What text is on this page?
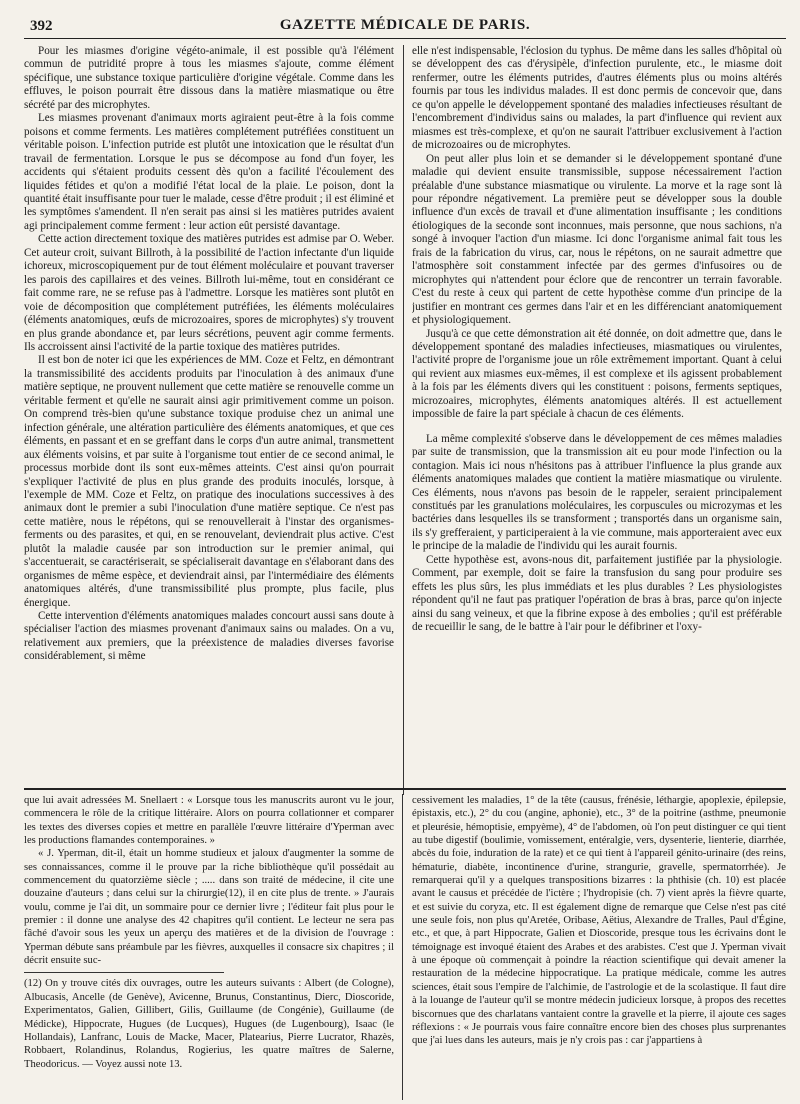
392	GAZETTE MÉDICALE DE PARIS.

Pour les miasmes d'origine végéto-animale, il est possible qu'à l'élément commun de putridité propre à tous les miasmes s'ajoute, comme élément spécifique, une substance toxique particulière d'origine végétale. Comme dans les effluves, le poison pourrait être dissous dans la matière miasmatique ou être sécrété par des microphytes.

Les miasmes provenant d'animaux morts agiraient peut-être à la fois comme poisons et comme ferments. Les matières complétement putréfiées constituent un véritable poison. L'infection putride est plutôt une intoxication que le résultat d'un travail de fermentation. Lorsque le pus se décompose au fond d'un foyer, les accidents qui s'étaient produits cessent dès qu'on a facilité l'écoulement des liquides fétides et qu'on a modifié l'état local de la plaie. Le poison, dont la quantité était insuffisante pour tuer le malade, cesse d'être produit ; il est éliminé et les symptômes s'amendent. Il n'en serait pas ainsi si les matières putrides avaient agi principalement comme ferment : leur action eût persisté davantage.

Cette action directement toxique des matières putrides est admise par O. Weber. Cet auteur croit, suivant Billroth, à la possibilité de l'action infectante d'un liquide ichoreux, microscopiquement pur de tout élément moléculaire et pouvant traverser les parois des capillaires et des veines. Billroth lui-même, tout en considérant ce fait comme rare, ne se refuse pas à l'admettre. Lorsque les matières sont plutôt en voie de décomposition que complétement putréfiées, les éléments moléculaires (éléments anatomiques, œufs de microzoaires, spores de microphytes) s'y trouvent en plus grande abondance et, par leurs sécrétions, peuvent agir comme ferments. Ils accroissent ainsi l'activité de la partie toxique des matières putrides.

Il est bon de noter ici que les expériences de MM. Coze et Feltz, en démontrant la transmissibilité des accidents produits par l'inoculation à des animaux d'une matière septique, ne prouvent nullement que cette matière se renouvelle comme un véritable ferment et qu'elle ne saurait ainsi agir primitivement comme un poison. On comprend très-bien qu'une substance toxique produise chez un animal une infection générale, une altération particulière des éléments anatomiques, et que ces éléments, en passant et en se greffant dans le corps d'un autre animal, transmettent aux éléments voisins, et par suite à l'organisme tout entier de ce second animal, le processus morbide dont ils sont eux-mêmes atteints. C'est ainsi qu'on pourrait s'expliquer l'activité de plus en plus grande des produits inoculés, lorsque, à l'exemple de MM. Coze et Feltz, on pratique des inoculations successives à des animaux dont le premier a subi l'inoculation d'une matière septique. Ce n'est pas cette matière, nous le répétons, qui se renouvellerait à l'instar des organismes-ferments ou des parasites, et qui, en se renouvelant, deviendrait plus active. C'est plutôt la maladie causée par son introduction sur le premier animal, qui s'accentuerait, se caractériserait, se spécialiserait davantage en s'élaborant dans des organismes de même espèce, et deviendrait ainsi, par l'intermédiaire des éléments anatomiques altérés, d'une transmissibilité plus prompte, plus facile, plus énergique.

Cette intervention d'éléments anatomiques malades concourt aussi sans doute à spécialiser l'action des miasmes provenant d'animaux sains ou malades. On a vu, relativement aux premiers, que la préexistence de maladies diverses favorise considérablement, si même

elle n'est indispensable, l'éclosion du typhus. De même dans les salles d'hôpital où se développent des cas d'érysipèle, d'infection purulente, etc., le miasme doit renfermer, outre les éléments putrides, d'autres éléments plus ou moins altérés fournis par tous les individus malades. Il est donc permis de concevoir que, dans ce qu'on appelle le développement spontané des maladies infectieuses résultant de l'encombrement d'individus sains ou malades, la part d'influence qui revient aux miasmes est très-complexe, et qu'on ne saurait l'attribuer exclusivement à l'action de microzoaires ou de microphytes.

On peut aller plus loin et se demander si le développement spontané d'une maladie qui devient ensuite transmissible, suppose nécessairement l'action préalable d'une substance miasmatique ou virulente. La morve et la rage sont là pour répondre négativement. La première peut se développer sous la double influence d'un excès de travail et d'une alimentation insuffisante ; les conditions étiologiques de la seconde sont inconnues, mais personne, que nous sachions, n'a songé à invoquer l'action d'un miasme. Ici donc l'organisme animal fait tous les frais de la fabrication du virus, car, nous le répétons, on ne saurait admettre que l'atmosphère soit constamment infectée par des germes d'infusoires ou de microphytes qui n'attendent pour éclore que de rencontrer un terrain favorable. C'est du reste à ceux qui partent de cette hypothèse comme d'un principe de la justifier en montrant ces germes dans l'air et en les différenciant anatomiquement et physiologiquement.

Jusqu'à ce que cette démonstration ait été donnée, on doit admettre que, dans le développement spontané des maladies infectieuses, miasmatiques ou virulentes, l'activité propre de l'organisme joue un rôle extrêmement important. Quant à celui qui revient aux miasmes eux-mêmes, il est complexe et ils agissent probablement à la fois par les éléments divers qui les constituent : poisons, ferments septiques, microzoaires, microphytes, éléments anatomiques altérés. Il est actuellement impossible de faire la part spéciale à chacun de ces éléments.

La même complexité s'observe dans le développement de ces mêmes maladies par suite de transmission, que la transmission ait eu pour mode l'infection ou la contagion. Mais ici nous n'hésitons pas à attribuer l'influence la plus grande aux éléments anatomiques malades que contient la matière miasmatique ou virulente. Ces éléments, nous n'avons pas besoin de le rappeler, seraient principalement constitués par les granulations moléculaires, les corpuscules ou microzymas et les bactéries dans lesquelles ils se transforment ; transportés dans un organisme sain, ils s'y grefferaient, y participeraient à la vie commune, mais apporteraient avec eux le principe de la maladie de l'individu qui les aurait fournis.

Cette hypothèse est, avons-nous dit, parfaitement justifiée par la physiologie. Comment, par exemple, doit se faire la transfusion du sang pour produire ses effets les plus sûrs, les plus immédiats et les plus durables ? Les physiologistes répondent qu'il ne faut pas pratiquer l'opération de bras à bras, parce qu'on injecte ainsi du sang veineux, et que la fibrine expose à des embolies ; qu'il est préférable de recueillir le sang, de le battre à l'air pour le défibriner et l'oxy-

que lui avait adressées M. Snellaert : « Lorsque tous les manuscrits auront vu le jour, commencera le rôle de la critique littéraire. Alors on pourra collationner et comparer les textes des diverses copies et mettre en parallèle l'œuvre littéraire d'Yperman avec les productions flamandes contemporaines. »

« J. Yperman, dit-il, était un homme studieux et jaloux d'augmenter la somme de ses connaissances, comme il le prouve par la riche bibliothèque qu'il possédait au commencement du quatorzième siècle ; ..... dans son traité de médecine, il cite une douzaine d'auteurs ; dans celui sur la chirurgie(12), il en cite plus de trente. » J'aurais voulu, comme je l'ai dit, un sommaire pour ce dernier livre ; l'éditeur fait plus pour le premier : il donne une analyse des 42 chapitres qu'il contient. Le lecteur ne sera pas fâché d'avoir sous les yeux un aperçu des matières et de la division de l'ouvrage : Yperman débute sans préambule par les fièvres, auxquelles il consacre six chapitres ; il décrit ensuite suc-

(12) On y trouve cités dix ouvrages, outre les auteurs suivants : Albert (de Cologne), Albucasis, Ancelle (de Genève), Avicenne, Brunus, Constantinus, Dierc, Dioscoride, Experimentatos, Galien, Gillibert, Gilis, Guillaume (de Congénie), Guillaume (de Médicke), Hippocrate, Hugues (de Lucques), Hugues (de Lugenbourg), Isaac (le Hollandais), Lanfranc, Louis de Macke, Macer, Platearius, Pierre Lucrator, Rhazès, Robbaert, Rolandinus, Rolandus, Rogierius, les quatre maîtres de Salerne, Theodoricus. — Voyez aussi note 13.

cessivement les maladies, 1° de la tête (causus, frénésie, léthargie, apoplexie, épilepsie, épistaxis, etc.), 2° du cou (angine, aphonie), etc., 3° de la poitrine (asthme, pneumonie et pleurésie, hémoptisie, empyème), 4° de l'abdomen, où l'on peut distinguer ce qui tient au tube digestif (boulimie, vomissement, entéralgie, vers, dysenterie, lienterie, diarrhée, abcès du foie, induration de la rate) et ce qui tient à l'appareil génito-urinaire (des reins, hématurie, diabète, incontinence d'urine, strangurie, gravelle, spermatorrhée). Je remarquerai qu'il y a quelques transpositions bizarres : la phthisie (ch. 10) est placée avant le causus et précédée de l'ictère ; l'hydropisie (ch. 7) vient après la fièvre quarte, et est suivie du coryza, etc. Il est également digne de remarque que Celse n'est pas cité une seule fois, non plus qu'Aretée, Oribase, Aëtius, Alexandre de Tralles, Paul d'Égine, etc., et que, à part Hippocrate, Galien et Dioscoride, presque tous les écrivains dont le témoignage est invoqué étaient des Arabes et des arabistes. C'est que J. Yperman vivait à une époque où commençait à poindre la réaction scientifique qui devait amener la restauration de la médecine hippocratique. La pratique médicale, comme les autres sciences, était sous l'empire de l'alchimie, de l'astrologie et de la scolastique. Il faut dire à la louange de l'auteur qu'il se montre médecin judicieux lorsque, à propos des recettes biscornues que des charlatans vantaient contre la gravelle et la pierre, il ajoute ces sages réflexions : « Je pourrais vous faire connaître encore bien des choses plus surprenantes que j'ai lues dans les auteurs, mais je n'y crois pas : car j'appartiens à
